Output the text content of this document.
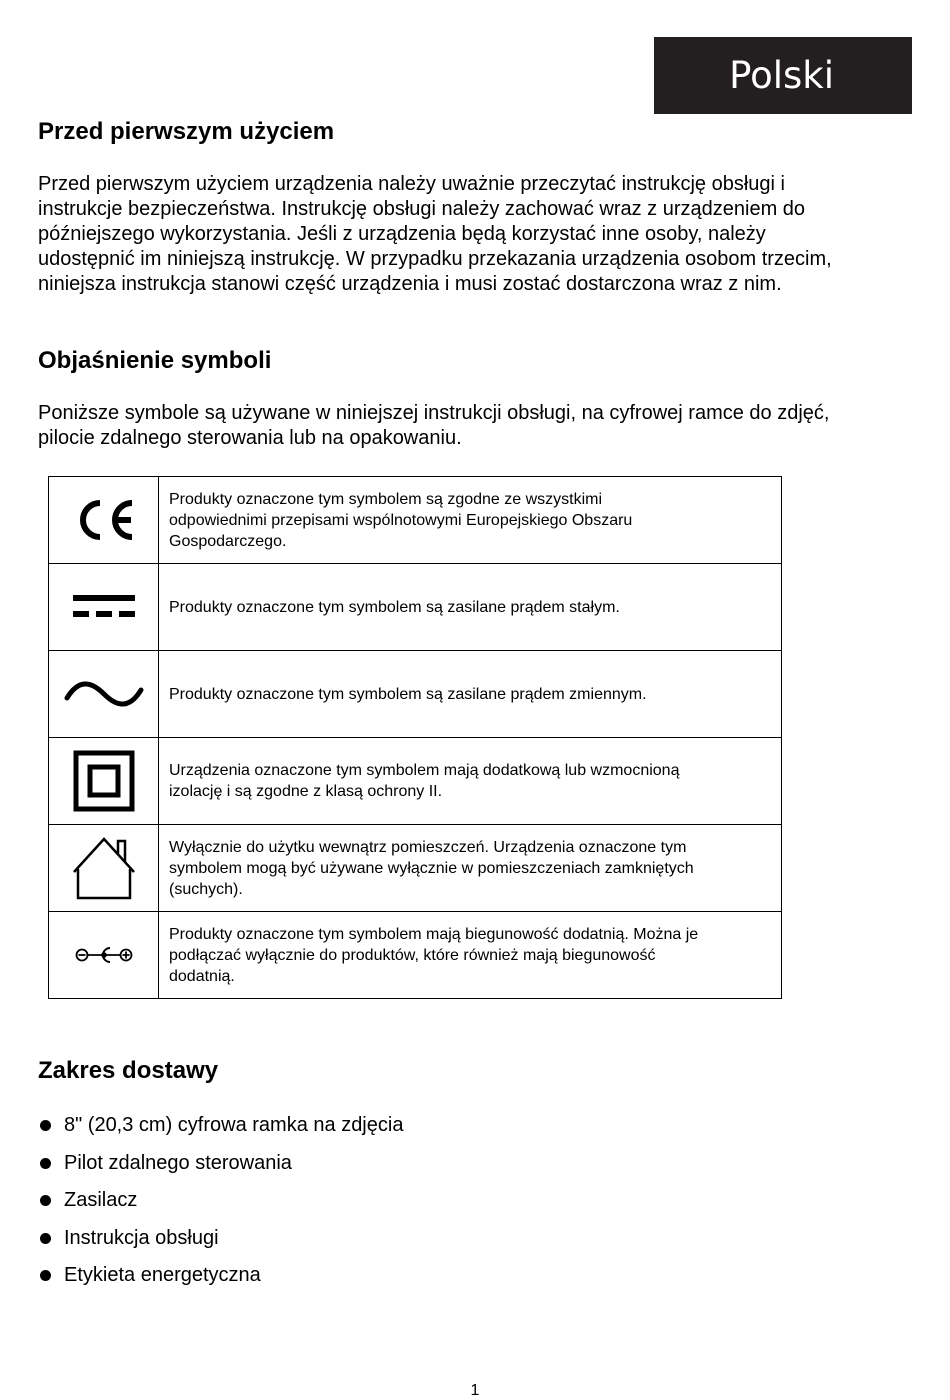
Polski
Przed pierwszym użyciem
Przed pierwszym użyciem urządzenia należy uważnie przeczytać instrukcję obsługi i
instrukcje bezpieczeństwa. Instrukcję obsługi należy zachować wraz z urządzeniem do
późniejszego wykorzystania. Jeśli z urządzenia będą korzystać inne osoby, należy
udostępnić im niniejszą instrukcję. W przypadku przekazania urządzenia osobom trzecim,
niniejsza instrukcja stanowi część urządzenia i musi zostać dostarczona wraz z nim.
Objaśnienie symboli
Poniższe symbole są używane w niniejszej instrukcji obsługi, na cyfrowej ramce do zdjęć,
pilocie zdalnego sterowania lub na opakowaniu.

Produkty oznaczone tym symbolem są zgodne ze wszystkimi
odpowiednimi przepisami wspólnotowymi Europejskiego Obszaru
Gospodarczego.

Produkty oznaczone tym symbolem są zasilane prądem stałym.

Produkty oznaczone tym symbolem są zasilane prądem zmiennym.

Urządzenia oznaczone tym symbolem mają dodatkową lub wzmocnioną
izolację i są zgodne z klasą ochrony II.

Wyłącznie do użytku wewnątrz pomieszczeń. Urządzenia oznaczone tym
symbolem mogą być używane wyłącznie w pomieszczeniach zamkniętych
(suchych).

Produkty oznaczone tym symbolem mają biegunowość dodatnią. Można je
podłączać wyłącznie do produktów, które również mają biegunowość
dodatnią.
Zakres dostawy
8" (20,3 cm) cyfrowa ramka na zdjęcia
Pilot zdalnego sterowania
Zasilacz
Instrukcja obsługi
Etykieta energetyczna
1
